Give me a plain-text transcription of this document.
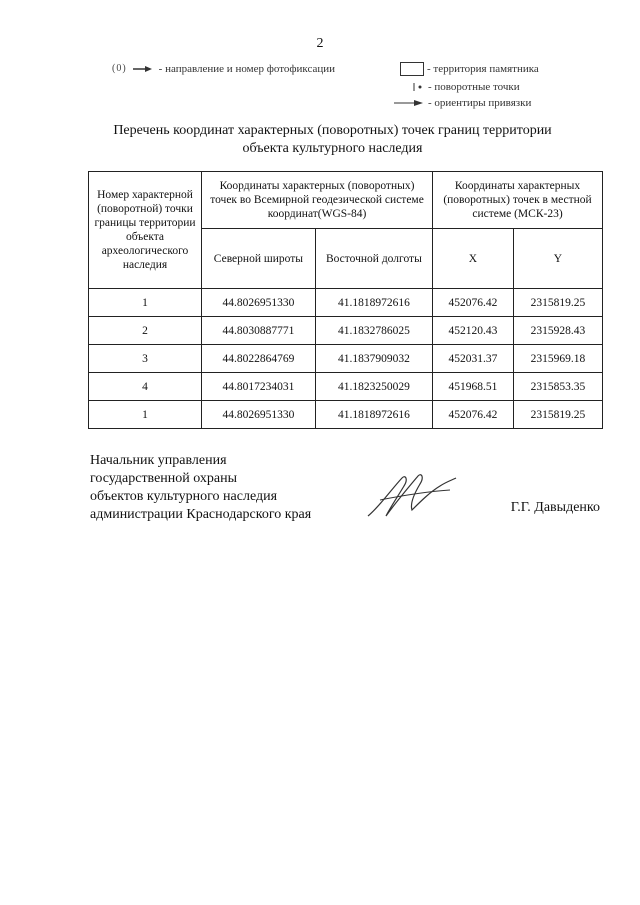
2
(0)	- направление и номер фотофиксации	- территория памятника
- поворотные точки
- ориентиры привязки
Перечень координат характерных (поворотных) точек границ территории
объекта культурного наследия
Номер характерной (поворотной) точки границы территории объекта археологического наследия	Координаты характерных (поворотных) точек во Всемирной геодезической системе координат(WGS-84)		Координаты характерных (поворотных) точек в местной системе (МСК-23)	
	Северной широты	Восточной долготы	X	Y
1	44.8026951330	41.1818972616	452076.42	2315819.25
2	44.8030887771	41.1832786025	452120.43	2315928.43
3	44.8022864769	41.1837909032	452031.37	2315969.18
4	44.8017234031	41.1823250029	451968.51	2315853.35
1	44.8026951330	41.1818972616	452076.42	2315819.25
Начальник управления
государственной охраны
объектов культурного наследия
администрации Краснодарского края	Г.Г. Давыденко
